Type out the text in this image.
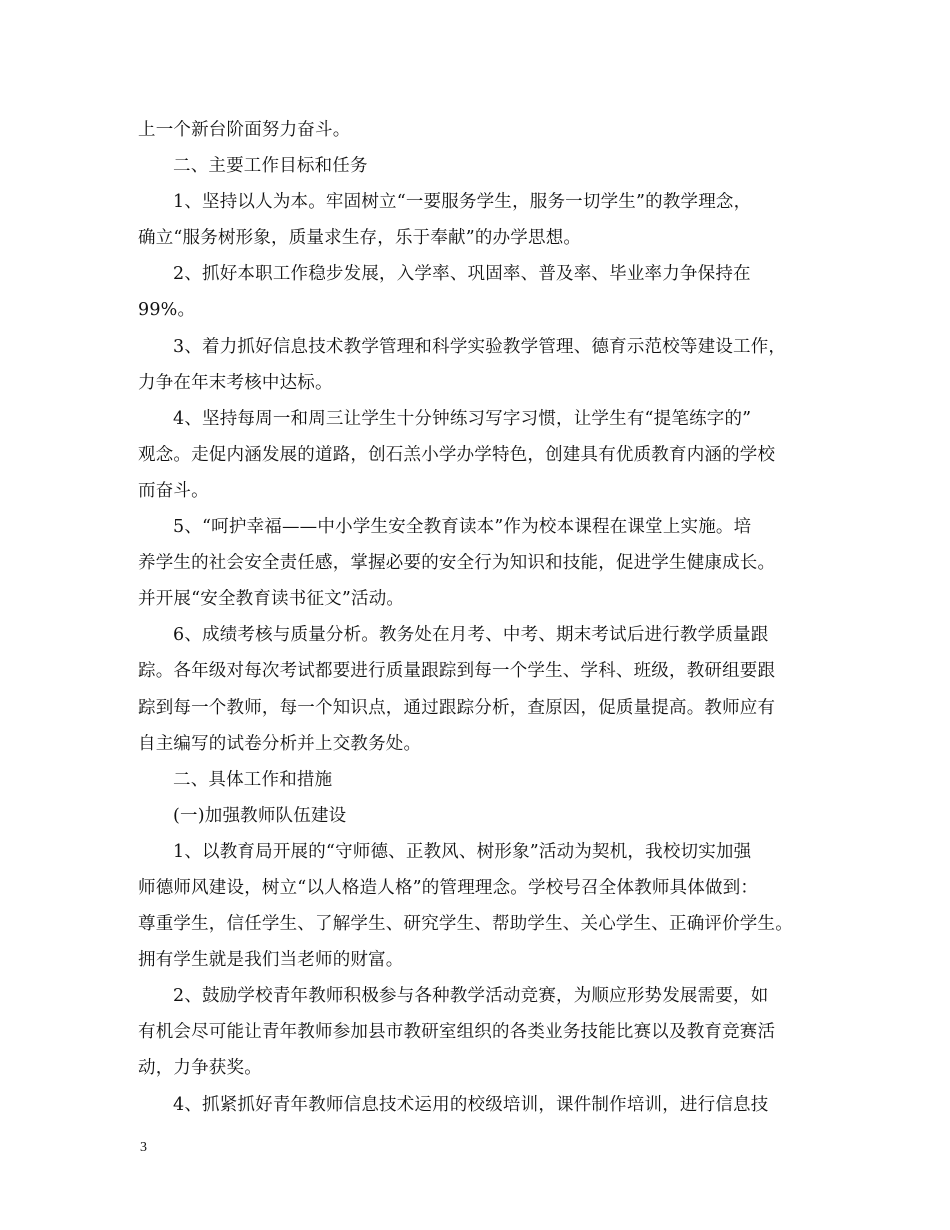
上一个新台阶面努力奋斗。
二、主要工作目标和任务
1、坚持以人为本。牢固树立“一要服务学生，服务一切学生”的教学理念，
确立“服务树形象，质量求生存，乐于奉献”的办学思想。
2、抓好本职工作稳步发展，入学率、巩固率、普及率、毕业率力争保持在
99%。
3、着力抓好信息技术教学管理和科学实验教学管理、德育示范校等建设工作，
力争在年末考核中达标。
4、坚持每周一和周三让学生十分钟练习写字习惯，让学生有“提笔练字的”
观念。走促内涵发展的道路，创石羔小学办学特色，创建具有优质教育内涵的学校
而奋斗。
5、“呵护幸福——中小学生安全教育读本”作为校本课程在课堂上实施。培
养学生的社会安全责任感，掌握必要的安全行为知识和技能，促进学生健康成长。
并开展“安全教育读书征文”活动。
6、成绩考核与质量分析。教务处在月考、中考、期末考试后进行教学质量跟
踪。各年级对每次考试都要进行质量跟踪到每一个学生、学科、班级，教研组要跟
踪到每一个教师，每一个知识点，通过跟踪分析，查原因，促质量提高。教师应有
自主编写的试卷分析并上交教务处。
二、具体工作和措施
(一)加强教师队伍建设
1、以教育局开展的“守师德、正教风、树形象”活动为契机，我校切实加强
师德师风建设，树立“以人格造人格”的管理理念。学校号召全体教师具体做到：
尊重学生，信任学生、了解学生、研究学生、帮助学生、关心学生、正确评价学生。
拥有学生就是我们当老师的财富。
2、鼓励学校青年教师积极参与各种教学活动竞赛，为顺应形势发展需要，如
有机会尽可能让青年教师参加县市教研室组织的各类业务技能比赛以及教育竞赛活
动，力争获奖。
4、抓紧抓好青年教师信息技术运用的校级培训，课件制作培训，进行信息技
3
